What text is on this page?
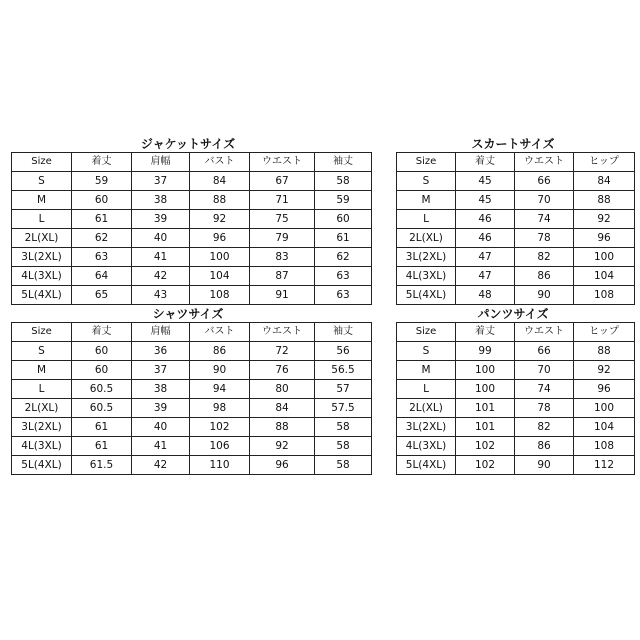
ジャケットサイズ
Size	着丈	肩幅	バスト	ウエスト	袖丈
S	59	37	84	67	58
M	60	38	88	71	59
L	61	39	92	75	60
2L(XL)	62	40	96	79	61
3L(2XL)	63	41	100	83	62
4L(3XL)	64	42	104	87	63
5L(4XL)	65	43	108	91	63
スカートサイズ
Size	着丈	ウエスト	ヒップ
S	45	66	84
M	45	70	88
L	46	74	92
2L(XL)	46	78	96
3L(2XL)	47	82	100
4L(3XL)	47	86	104
5L(4XL)	48	90	108
シャツサイズ
Size	着丈	肩幅	バスト	ウエスト	袖丈
S	60	36	86	72	56
M	60	37	90	76	56.5
L	60.5	38	94	80	57
2L(XL)	60.5	39	98	84	57.5
3L(2XL)	61	40	102	88	58
4L(3XL)	61	41	106	92	58
5L(4XL)	61.5	42	110	96	58
パンツサイズ
Size	着丈	ウエスト	ヒップ
S	99	66	88
M	100	70	92
L	100	74	96
2L(XL)	101	78	100
3L(2XL)	101	82	104
4L(3XL)	102	86	108
5L(4XL)	102	90	112
